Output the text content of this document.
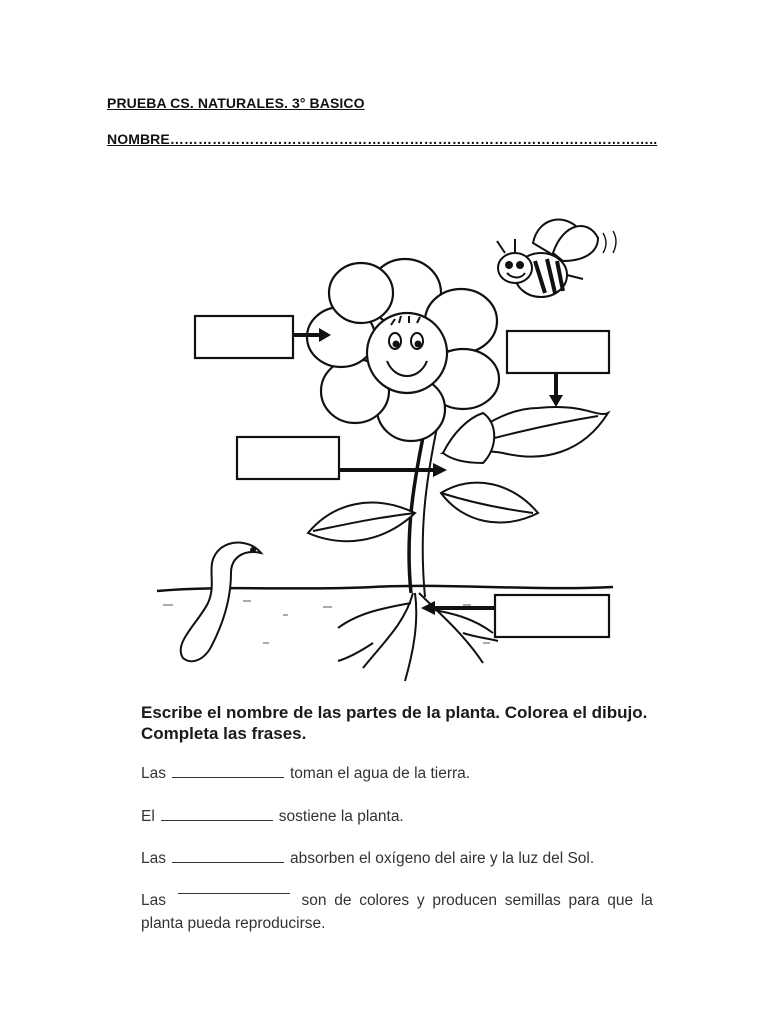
PRUEBA CS. NATURALES. 3° BASICO
NOMBRE…………………………………………………………………………………………..
Escribe el nombre de las partes de la planta. Colorea el dibujo.
Completa las frases.
Las	toman el agua de la tierra.
El	sostiene la planta.
Las	absorben el oxígeno del aire y la luz del Sol.
Las	son de colores y producen semillas para que la
planta pueda reproducirse.
